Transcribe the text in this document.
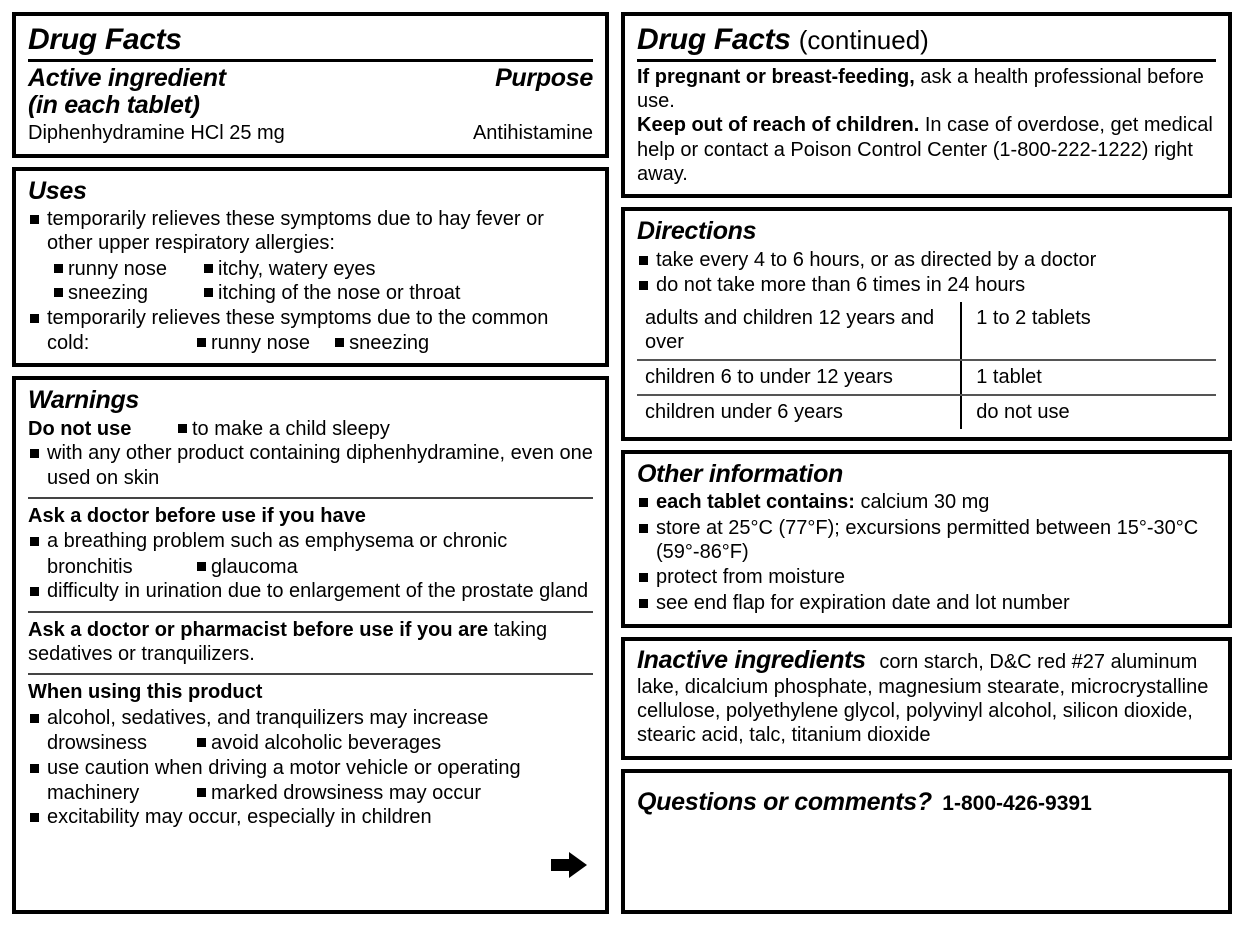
Drug Facts
Active ingredient
(in each tablet)
Purpose
Diphenhydramine HCl 25 mg	Antihistamine
Uses
temporarily relieves these symptoms due to hay fever or other upper respiratory allergies:
runny nose	itchy, watery eyes
sneezing	itching of the nose or throat
temporarily relieves these symptoms due to the common
cold:	runny nose sneezing
Warnings
Do not use	to make a child sleepy
with any other product containing diphenhydramine, even one used on skin
Ask a doctor before use if you have
a breathing problem such as emphysema or chronic
bronchitis	glaucoma
difficulty in urination due to enlargement of the prostate gland
Ask a doctor or pharmacist before use if you are taking sedatives or tranquilizers.
When using this product
alcohol, sedatives, and tranquilizers may increase
drowsiness	avoid alcoholic beverages
use caution when driving a motor vehicle or operating
machinery	marked drowsiness may occur
excitability may occur, especially in children
Drug Facts (continued)
If pregnant or breast-feeding, ask a health professional before use.
Keep out of reach of children. In case of overdose, get medical help or contact a Poison Control Center (1-800-222-1222) right away.
Directions
take every 4 to 6 hours, or as directed by a doctor
do not take more than 6 times in 24 hours
adults and children 12 years and over	1 to 2 tablets
children 6 to under 12 years	1 tablet
children under 6 years	do not use
Other information
each tablet contains: calcium 30 mg
store at 25°C (77°F); excursions permitted between 15°-30°C (59°-86°F)
protect from moisture
see end flap for expiration date and lot number
Inactive ingredients corn starch, D&C red #27 aluminum lake, dicalcium phosphate, magnesium stearate, microcrystalline cellulose, polyethylene glycol, polyvinyl alcohol, silicon dioxide, stearic acid, talc, titanium dioxide
Questions or comments? 1-800-426-9391
